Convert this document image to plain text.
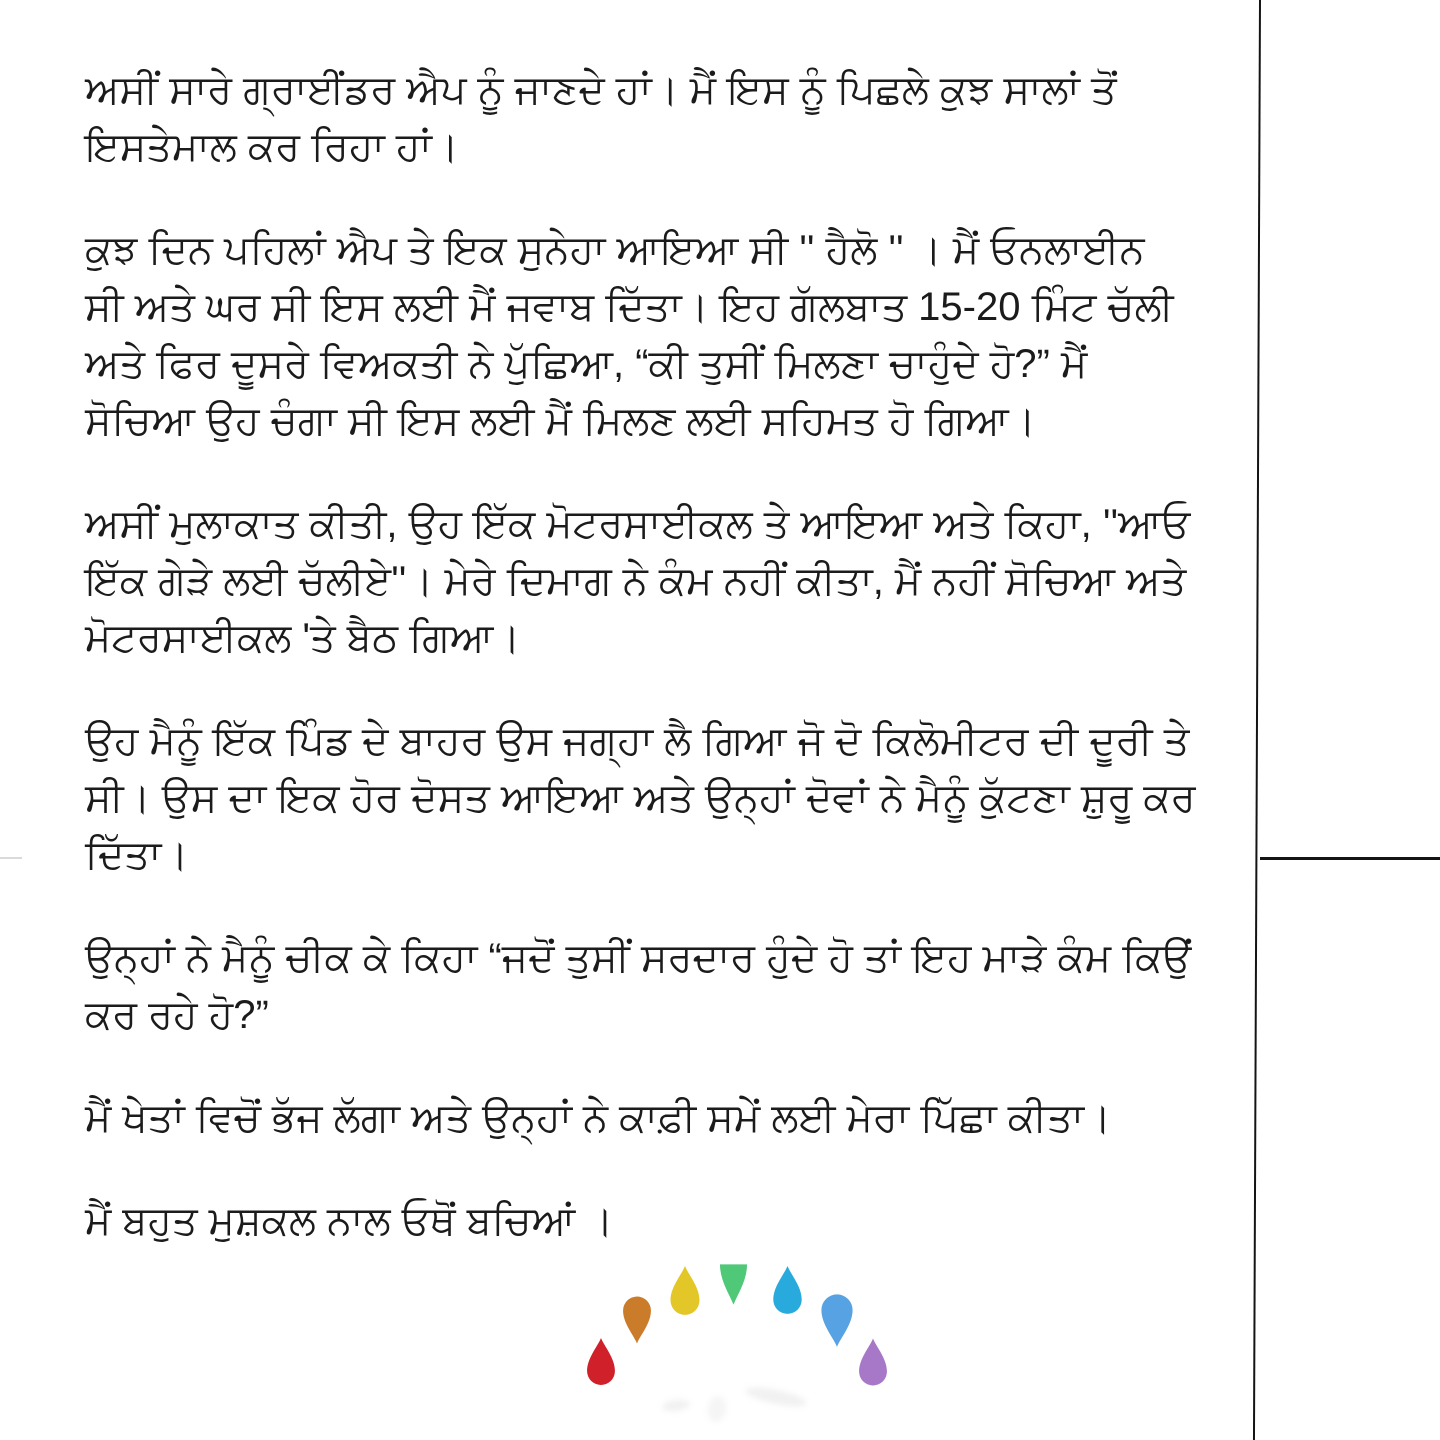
ਅਸੀਂ ਸਾਰੇ ਗ੍ਰਾਈਂਡਰ ਐਪ ਨੂੰ ਜਾਣਦੇ ਹਾਂ। ਮੈਂ ਇਸ ਨੂੰ ਪਿਛਲੇ ਕੁਝ ਸਾਲਾਂ ਤੋਂ
ਇਸਤੇਮਾਲ ਕਰ ਰਿਹਾ ਹਾਂ।
ਕੁਝ ਦਿਨ ਪਹਿਲਾਂ ਐਪ ਤੇ ਇਕ ਸੁਨੇਹਾ ਆਇਆ ਸੀ '' ਹੈਲੋ '' । ਮੈਂ ਓਨਲਾਈਨ
ਸੀ ਅਤੇ ਘਰ ਸੀ ਇਸ ਲਈ ਮੈਂ ਜਵਾਬ ਦਿੱਤਾ। ਇਹ ਗੱਲਬਾਤ 15-20 ਮਿੰਟ ਚੱਲੀ
ਅਤੇ ਫਿਰ ਦੂਸਰੇ ਵਿਅਕਤੀ ਨੇ ਪੁੱਛਿਆ, “ਕੀ ਤੁਸੀਂ ਮਿਲਣਾ ਚਾਹੁੰਦੇ ਹੋ?” ਮੈਂ
ਸੋਚਿਆ ਉਹ ਚੰਗਾ ਸੀ ਇਸ ਲਈ ਮੈਂ ਮਿਲਣ ਲਈ ਸਹਿਮਤ ਹੋ ਗਿਆ।
ਅਸੀਂ ਮੁਲਾਕਾਤ ਕੀਤੀ, ਉਹ ਇੱਕ ਮੋਟਰਸਾਈਕਲ ਤੇ ਆਇਆ ਅਤੇ ਕਿਹਾ, ''ਆਓ
ਇੱਕ ਗੇੜੇ ਲਈ ਚੱਲੀਏ''। ਮੇਰੇ ਦਿਮਾਗ ਨੇ ਕੰਮ ਨਹੀਂ ਕੀਤਾ, ਮੈਂ ਨਹੀਂ ਸੋਚਿਆ ਅਤੇ
ਮੋਟਰਸਾਈਕਲ 'ਤੇ ਬੈਠ ਗਿਆ।
ਉਹ ਮੈਨੂੰ ਇੱਕ ਪਿੰਡ ਦੇ ਬਾਹਰ ਉਸ ਜਗ੍ਹਾ ਲੈ ਗਿਆ ਜੋ ਦੋ ਕਿਲੋਮੀਟਰ ਦੀ ਦੂਰੀ ਤੇ
ਸੀ। ਉਸ ਦਾ ਇਕ ਹੋਰ ਦੋਸਤ ਆਇਆ ਅਤੇ ਉਨ੍ਹਾਂ ਦੋਵਾਂ ਨੇ ਮੈਨੂੰ ਕੁੱਟਣਾ ਸ਼ੁਰੂ ਕਰ
ਦਿੱਤਾ।
ਉਨ੍ਹਾਂ ਨੇ ਮੈਨੂੰ ਚੀਕ ਕੇ ਕਿਹਾ “ਜਦੋਂ ਤੁਸੀਂ ਸਰਦਾਰ ਹੁੰਦੇ ਹੋ ਤਾਂ ਇਹ ਮਾੜੇ ਕੰਮ ਕਿਉਂ
ਕਰ ਰਹੇ ਹੋ?”
ਮੈਂ ਖੇਤਾਂ ਵਿਚੋਂ ਭੱਜ ਲੱਗਾ ਅਤੇ ਉਨ੍ਹਾਂ ਨੇ ਕਾਫ਼ੀ ਸਮੇਂ ਲਈ ਮੇਰਾ ਪਿੱਛਾ ਕੀਤਾ।
ਮੈਂ ਬਹੁਤ ਮੁਸ਼ਕਲ ਨਾਲ ਓਥੋਂ ਬਚਿਆਂ ।
